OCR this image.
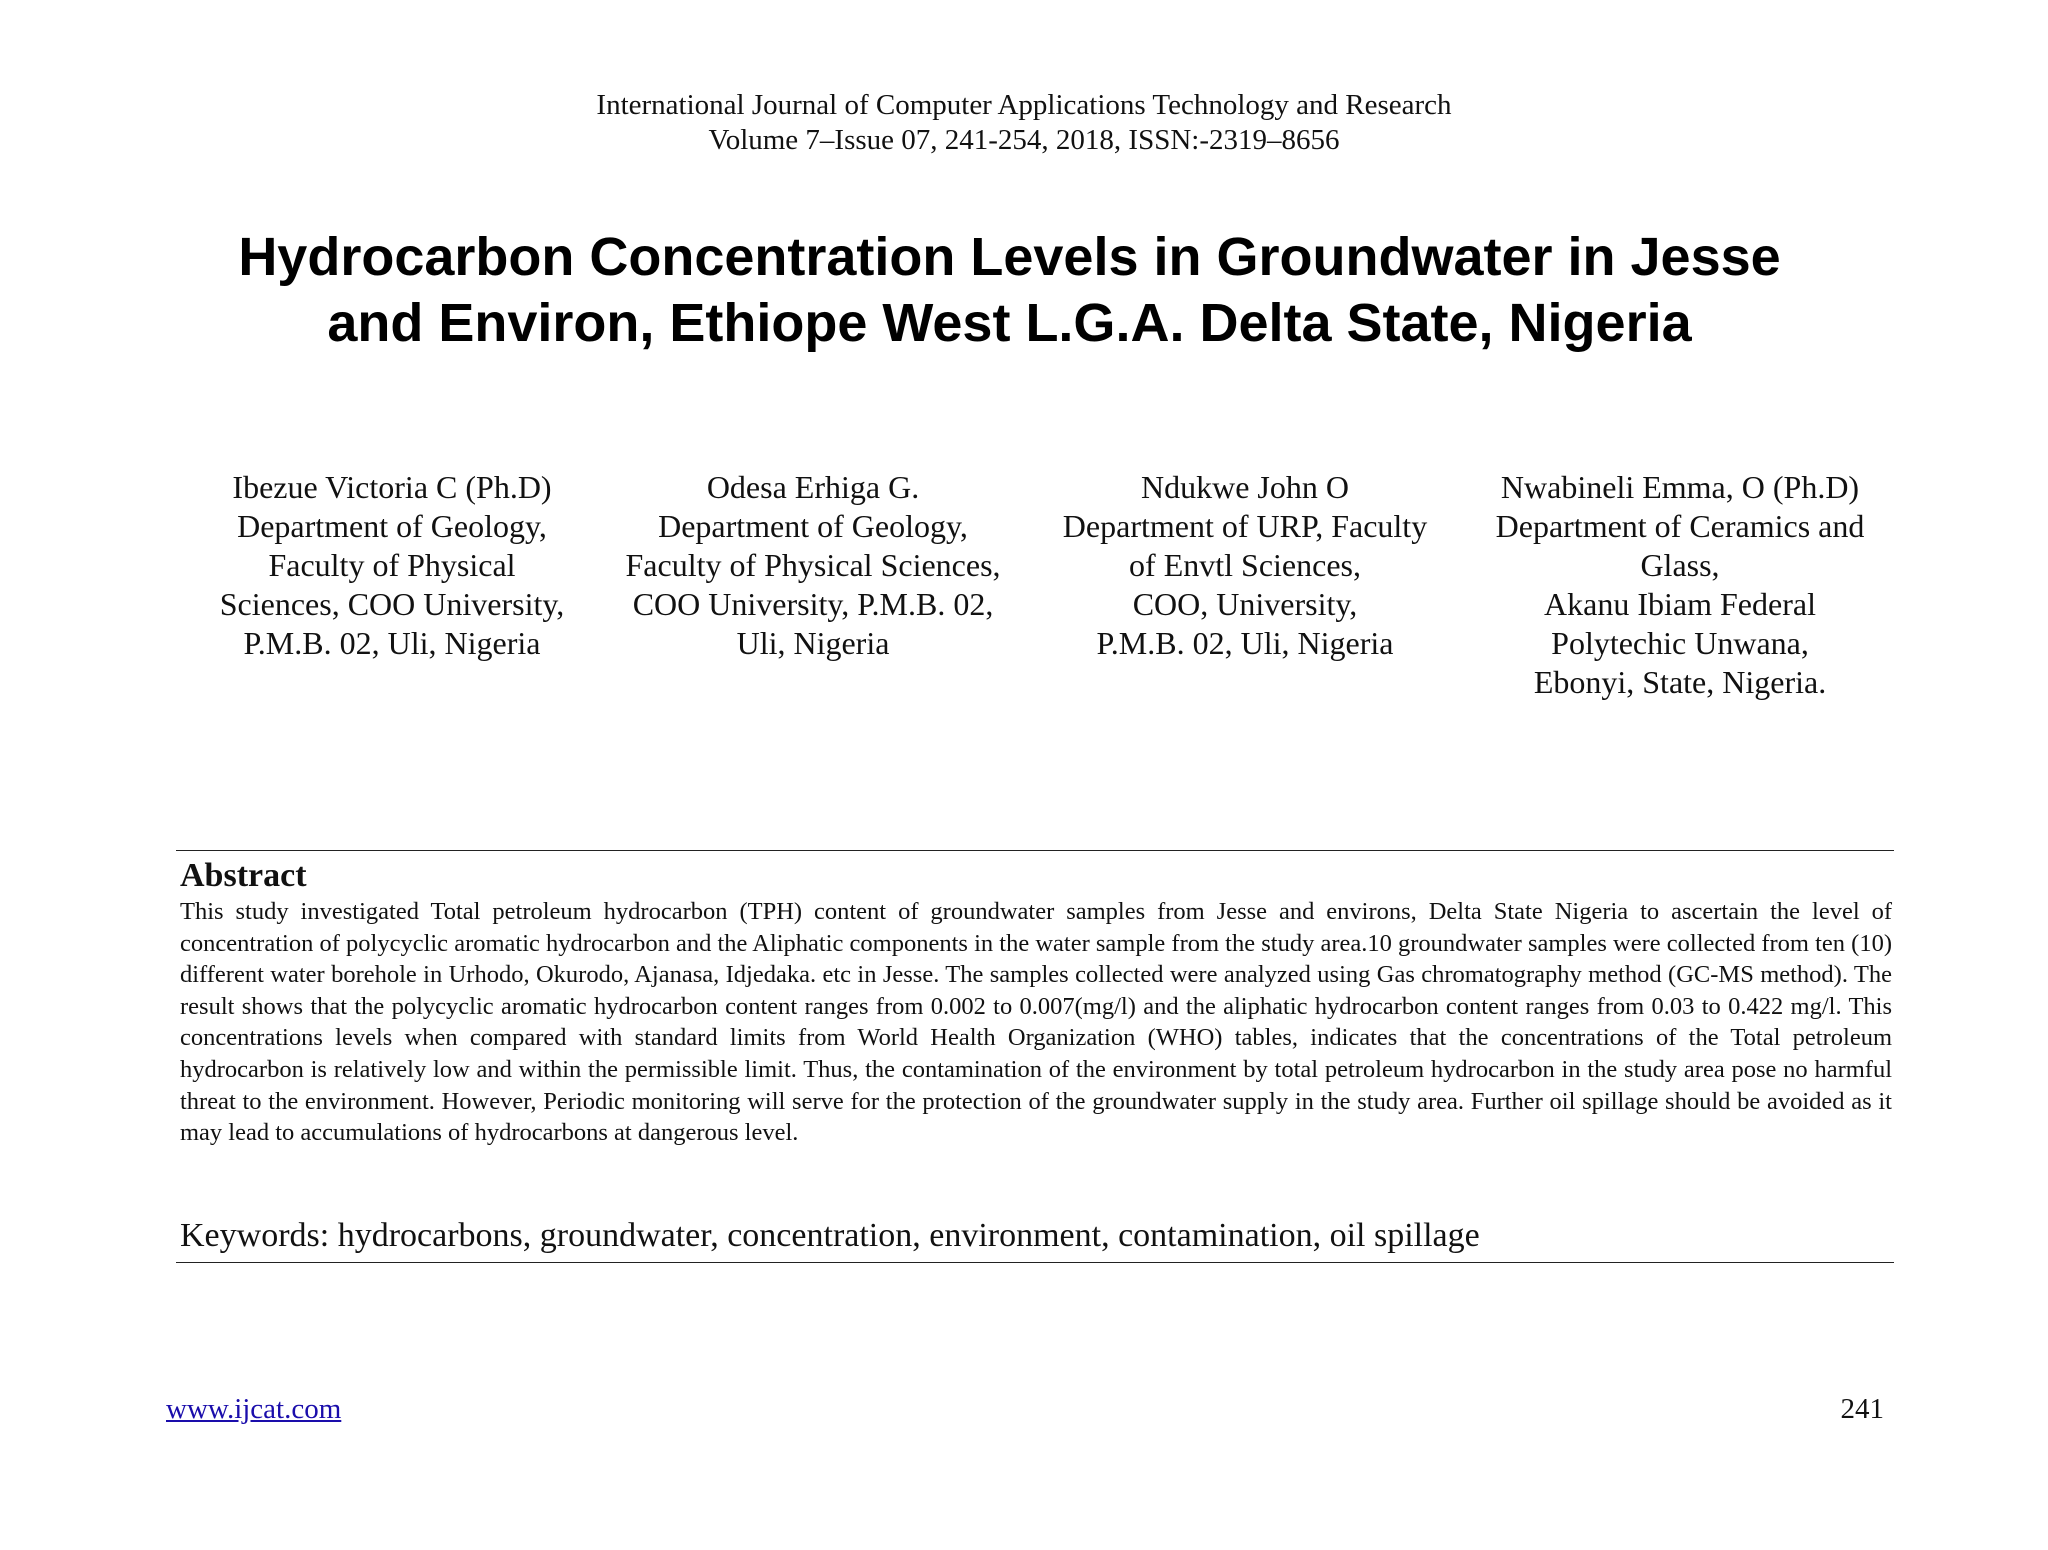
International Journal of Computer Applications Technology and Research
Volume 7–Issue 07, 241-254, 2018, ISSN:-2319–8656
Hydrocarbon Concentration Levels in Groundwater in Jesse
and Environ, Ethiope West L.G.A. Delta State, Nigeria
Ibezue Victoria C (Ph.D)
Department of Geology,
Faculty of Physical
Sciences, COO University,
P.M.B. 02, Uli, Nigeria
Odesa Erhiga G.
Department of Geology,
Faculty of Physical Sciences,
COO University, P.M.B. 02,
Uli, Nigeria
Ndukwe John O
Department of URP, Faculty
of Envtl Sciences,
COO, University,
P.M.B. 02, Uli, Nigeria
Nwabineli Emma, O (Ph.D)
Department of Ceramics and
Glass,
Akanu Ibiam Federal
Polytechic Unwana,
Ebonyi, State, Nigeria.
Abstract
This study investigated Total petroleum hydrocarbon (TPH) content of groundwater samples from Jesse and environs, Delta State Nigeria to ascertain the level of concentration of polycyclic aromatic hydrocarbon and the Aliphatic components in the water sample from the study area.10 groundwater samples were collected from ten (10) different water borehole in Urhodo, Okurodo, Ajanasa, Idjedaka. etc in Jesse. The samples collected were analyzed using Gas chromatography method (GC-MS method). The result shows that the polycyclic aromatic hydrocarbon content ranges from 0.002 to 0.007(mg/l) and the aliphatic hydrocarbon content ranges from 0.03 to 0.422 mg/l. This concentrations levels when compared with standard limits from World Health Organization (WHO) tables, indicates that the concentrations of the Total petroleum hydrocarbon is relatively low and within the permissible limit. Thus, the contamination of the environment by total petroleum hydrocarbon in the study area pose no harmful threat to the environment. However, Periodic monitoring will serve for the protection of the groundwater supply in the study area. Further oil spillage should be avoided as it may lead to accumulations of hydrocarbons at dangerous level.
Keywords: hydrocarbons, groundwater, concentration, environment, contamination, oil spillage
www.ijcat.com	241
